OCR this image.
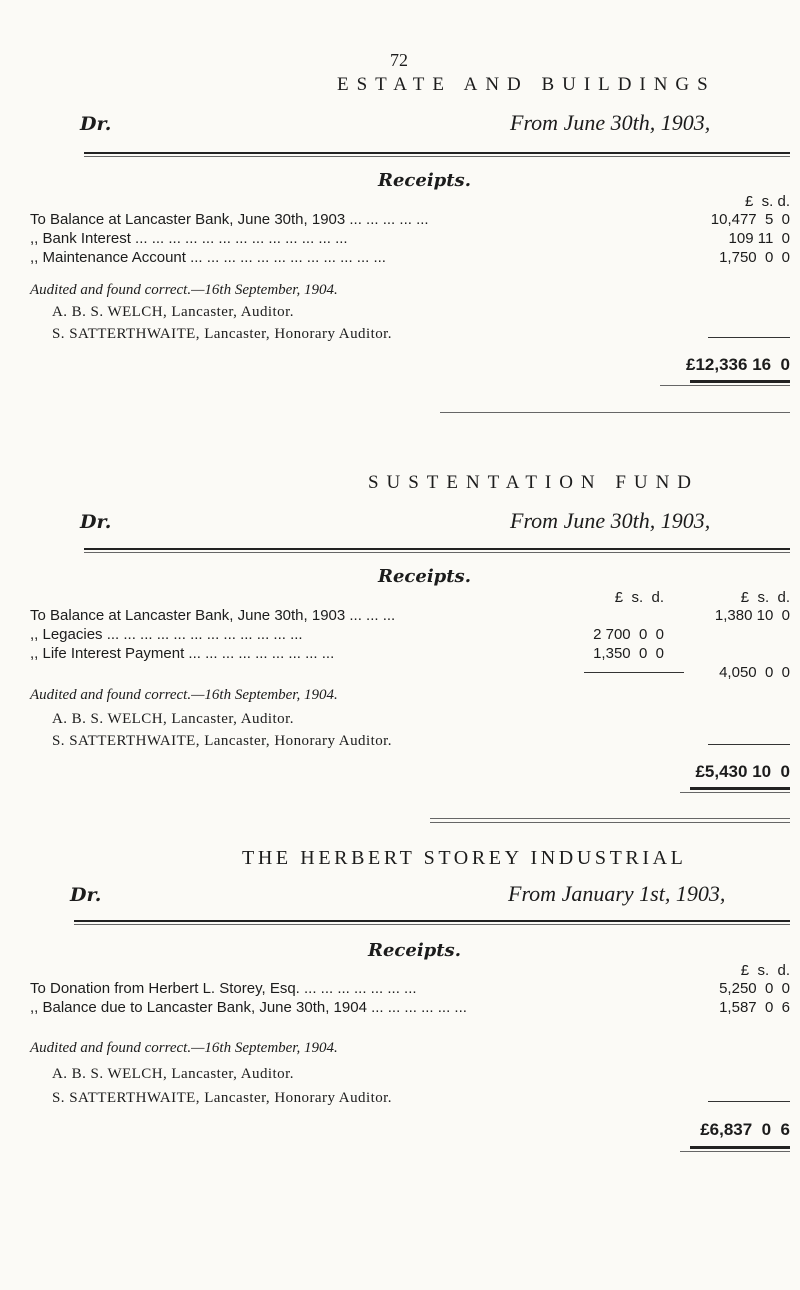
72
ESTATE AND BUILDINGS
Dr.	From June 30th, 1903,
Receipts.
£  s. d.
To Balance at Lancaster Bank, June 30th, 1903 ... ... ... ... ...	10,477  5  0
,, Bank Interest ... ... ... ... ... ... ... ... ... ... ... ... ...	109 11  0
,, Maintenance Account ... ... ... ... ... ... ... ... ... ... ... ...	1,750  0  0
Audited and found correct.—16th September, 1904.
A. B. S. WELCH, Lancaster, Auditor.
S. SATTERTHWAITE, Lancaster, Honorary Auditor.
£12,336 16  0
SUSTENTATION FUND
Dr.	From June 30th, 1903,
Receipts.
£  s.  d.	£  s.  d.
To Balance at Lancaster Bank, June 30th, 1903 ... ... ...	1,380 10  0
,, Legacies ... ... ... ... ... ... ... ... ... ... ... ...	2 700  0  0
,, Life Interest Payment ... ... ... ... ... ... ... ... ...	1,350  0  0
4,050  0  0
Audited and found correct.—16th September, 1904.
A. B. S. WELCH, Lancaster, Auditor.
S. SATTERTHWAITE, Lancaster, Honorary Auditor.
£5,430 10  0
THE HERBERT STOREY INDUSTRIAL
Dr.	From January 1st, 1903,
Receipts.
£  s.  d.
To Donation from Herbert L. Storey, Esq. ... ... ... ... ... ... ...	5,250  0  0
,, Balance due to Lancaster Bank, June 30th, 1904 ... ... ... ... ... ...	1,587  0  6
Audited and found correct.—16th September, 1904.
A. B. S. WELCH, Lancaster, Auditor.
S. SATTERTHWAITE, Lancaster, Honorary Auditor.
£6,837  0  6
